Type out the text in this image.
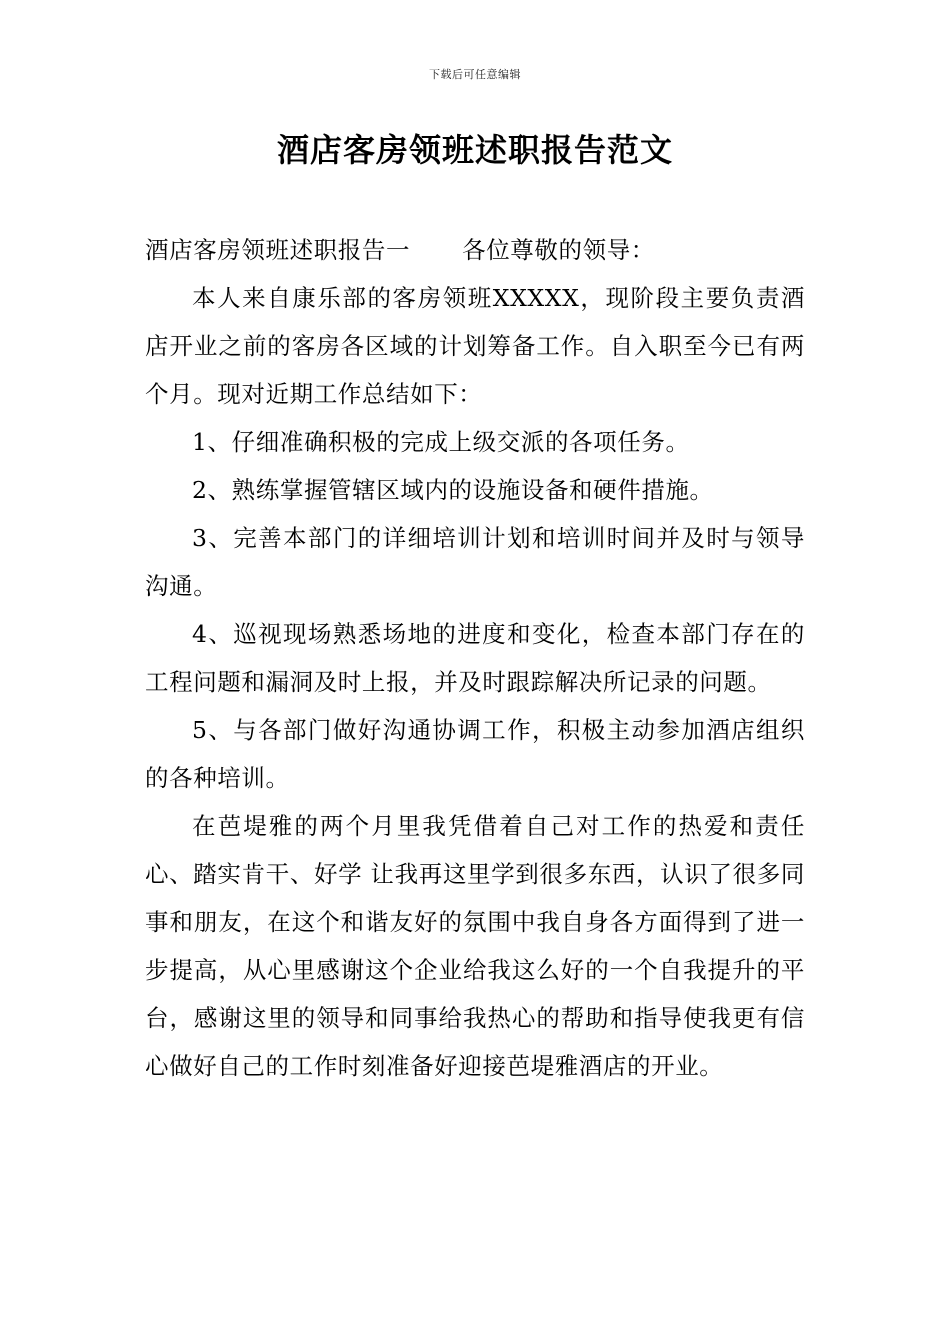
下载后可任意编辑
酒店客房领班述职报告范文

酒店客房领班述职报告一 各位尊敬的领导：

本人来自康乐部的客房领班XXXXX，现阶段主要负责酒店开业之前的客房各区域的计划筹备工作。自入职至今已有两个月。现对近期工作总结如下：

1、仔细准确积极的完成上级交派的各项任务。

2、熟练掌握管辖区域内的设施设备和硬件措施。

3、完善本部门的详细培训计划和培训时间并及时与领导沟通。

4、巡视现场熟悉场地的进度和变化，检查本部门存在的工程问题和漏洞及时上报，并及时跟踪解决所记录的问题。

5、与各部门做好沟通协调工作，积极主动参加酒店组织的各种培训。

在芭堤雅的两个月里我凭借着自己对工作的热爱和责任心、踏实肯干、好学 让我再这里学到很多东西，认识了很多同事和朋友，在这个和谐友好的氛围中我自身各方面得到了进一步提高，从心里感谢这个企业给我这么好的一个自我提升的平台，感谢这里的领导和同事给我热心的帮助和指导使我更有信心做好自己的工作时刻准备好迎接芭堤雅酒店的开业。
